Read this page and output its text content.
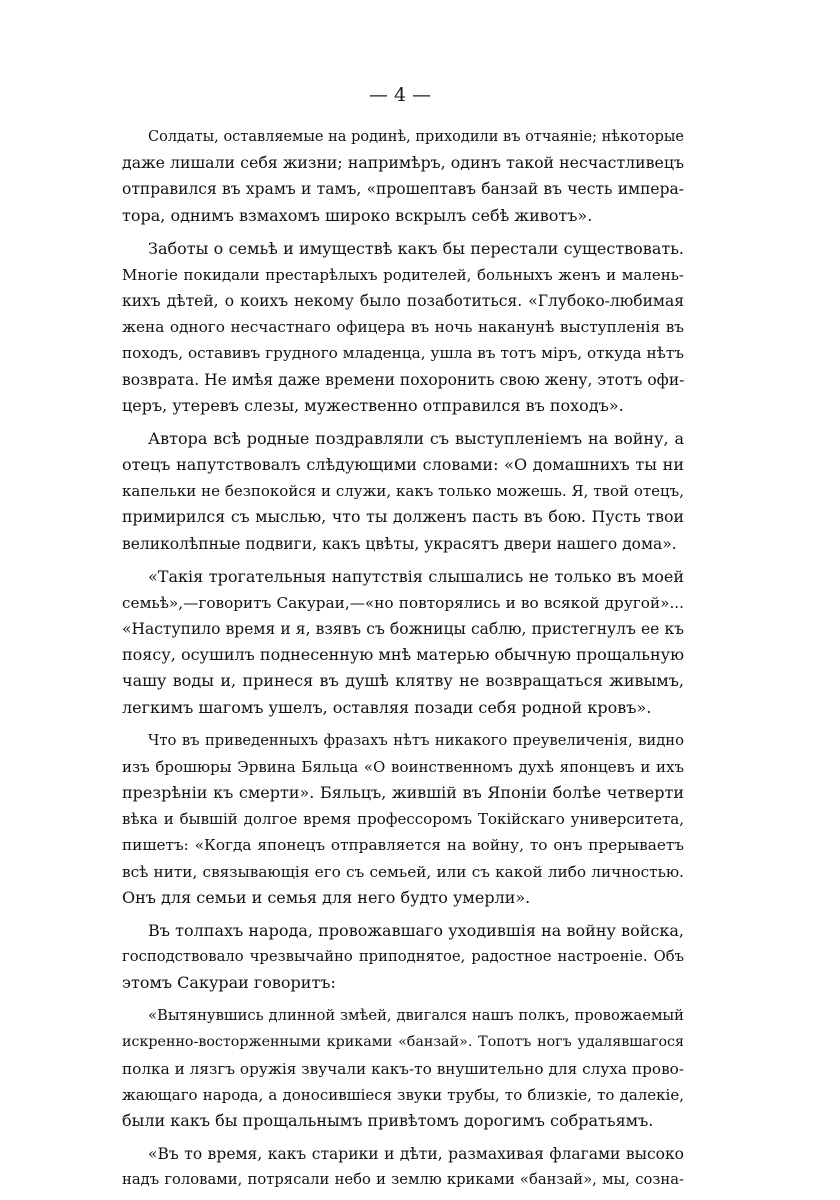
— 4 —
Солдаты, оставляемые на родинѣ, приходили въ отчаяніе; нѣкоторые
даже лишали себя жизни; напримѣръ, одинъ такой несчастливецъ
отправился въ храмъ и тамъ, «прошептавъ банзай въ честь импера-
тора, однимъ взмахомъ широко вскрылъ себѣ животъ».
Заботы о семьѣ и имуществѣ какъ бы перестали существовать.
Многіе покидали престарѣлыхъ родителей, больныхъ женъ и малень-
кихъ дѣтей, о коихъ некому было позаботиться. «Глубоко-любимая
жена одного несчастнаго офицера въ ночь наканунѣ выступленія въ
походъ, оставивъ грудного младенца, ушла въ тотъ міръ, откуда нѣтъ
возврата. Не имѣя даже времени похоронить свою жену, этотъ офи-
церъ, утеревъ слезы, мужественно отправился въ походъ».
Автора всѣ родные поздравляли съ выступленіемъ на войну, а
отецъ напутствовалъ слѣдующими словами: «О домашнихъ ты ни
капельки не безпокойся и служи, какъ только можешь. Я, твой отецъ,
примирился съ мыслью, что ты долженъ пасть въ бою. Пусть твои
великолѣпные подвиги, какъ цвѣты, украсятъ двери нашего дома».
«Такія трогательныя напутствія слышались не только въ моей
семьѣ»,—говоритъ Сакураи,—«но повторялись и во всякой другой»...
«Наступило время и я, взявъ съ божницы саблю, пристегнулъ ее къ
поясу, осушилъ поднесенную мнѣ матерью обычную прощальную
чашу воды и, принеся въ душѣ клятву не возвращаться живымъ,
легкимъ шагомъ ушелъ, оставляя позади себя родной кровъ».
Что въ приведенныхъ фразахъ нѣтъ никакого преувеличенія, видно
изъ брошюры Эрвина Бяльца «О воинственномъ духѣ японцевъ и ихъ
презрѣніи къ смерти». Бяльцъ, жившій въ Японіи болѣе четверти
вѣка и бывшій долгое время профессоромъ Токійскаго университета,
пишетъ: «Когда японецъ отправляется на войну, то онъ прерываетъ
всѣ нити, связывающія его съ семьей, или съ какой либо личностью.
Онъ для семьи и семья для него будто умерли».
Въ толпахъ народа, провожавшаго уходившія на войну войска,
господствовало чрезвычайно приподнятое, радостное настроеніе. Объ
этомъ Сакураи говоритъ:
«Вытянувшись длинной змѣей, двигался нашъ полкъ, провожаемый
искренно-восторженными криками «банзай». Топотъ ногъ удалявшагося
полка и лязгъ оружія звучали какъ-то внушительно для слуха прово-
жающаго народа, а доносившіеся звуки трубы, то близкіе, то далекіе,
были какъ бы прощальнымъ привѣтомъ дорогимъ собратьямъ.
«Въ то время, какъ старики и дѣти, размахивая флагами высоко
надъ головами, потрясали небо и землю криками «банзай», мы, созна-
